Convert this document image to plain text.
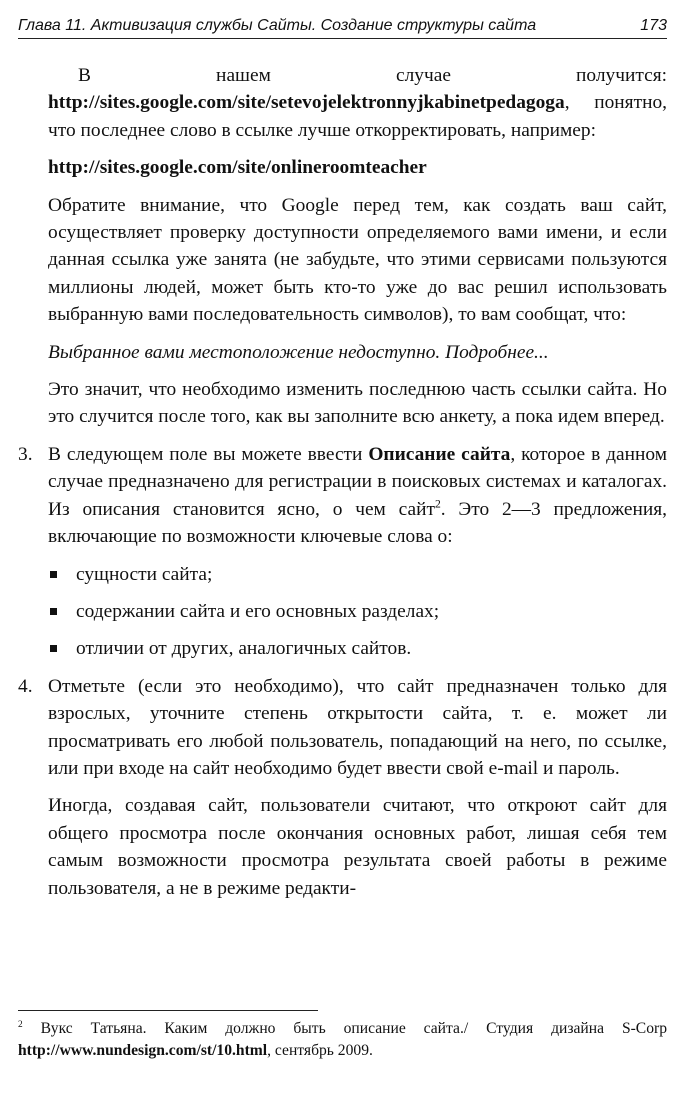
Глава 11. Активизация службы Сайты. Создание структуры сайта	173

В нашем случае получится: http://sites.google.com/site/setevojelektronnyjkabinetpedagoga, понятно, что последнее слово в ссылке лучше откорректировать, например:

http://sites.google.com/site/onlineroomteacher

Обратите внимание, что Google перед тем, как создать ваш сайт, осуществляет проверку доступности определяемого вами имени, и если данная ссылка уже занята (не забудьте, что этими сервисами пользуются миллионы людей, может быть кто-то уже до вас решил использовать выбранную вами последовательность символов), то вам сообщат, что:

Выбранное вами местоположение недоступно. Подробнее...

Это значит, что необходимо изменить последнюю часть ссылки сайта. Но это случится после того, как вы заполните всю анкету, а пока идем вперед.

3. В следующем поле вы можете ввести Описание сайта, которое в данном случае предназначено для регистрации в поисковых системах и каталогах. Из описания становится ясно, о чем сайт$^2$. Это 2—3 предложения, включающие по возможности ключевые слова о:
сущности сайта;
содержании сайта и его основных разделах;
отличии от других, аналогичных сайтов.
4. Отметьте (если это необходимо), что сайт предназначен только для взрослых, уточните степень открытости сайта, т. е. может ли просматривать его любой пользователь, попадающий на него, по ссылке, или при входе на сайт необходимо будет ввести свой e-mail и пароль.

Иногда, создавая сайт, пользователи считают, что откроют сайт для общего просмотра после окончания основных работ, лишая себя тем самым возможности просмотра результата своей работы в режиме пользователя, а не в режиме редакти-

$^2$ Вукс Татьяна. Каким должно быть описание сайта./ Студия дизайна S-Corp http://www.nundesign.com/st/10.html, сентябрь 2009.
